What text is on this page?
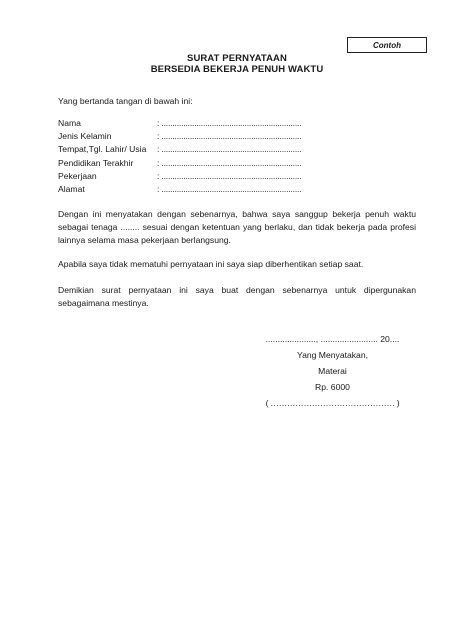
Contoh
SURAT PERNYATAAN
BERSEDIA BEKERJA PENUH WAKTU
Yang bertanda tangan di bawah ini:
Nama	: ................................................................
Jenis Kelamin	: ................................................................
Tempat,Tgl. Lahir/ Usia : ................................................................
Pendidikan Terakhir	: ................................................................
Pekerjaan	: ................................................................
Alamat	: ................................................................
Dengan ini menyatakan dengan sebenarnya, bahwa saya sanggup bekerja penuh waktu sebagai tenaga ........ sesuai dengan ketentuan yang berlaku, dan tidak bekerja pada profesi lainnya selama masa pekerjaan berlangsung.
Apabila saya tidak mematuhi pernyataan ini saya siap diberhentikan setiap saat.
Demikian surat pernyataan ini saya buat dengan sebenarnya untuk dipergunakan sebagaimana mestinya.
....................., ........................ 20....
Yang Menyatakan,
Materai
Rp. 6000
( ……………………………………… )
